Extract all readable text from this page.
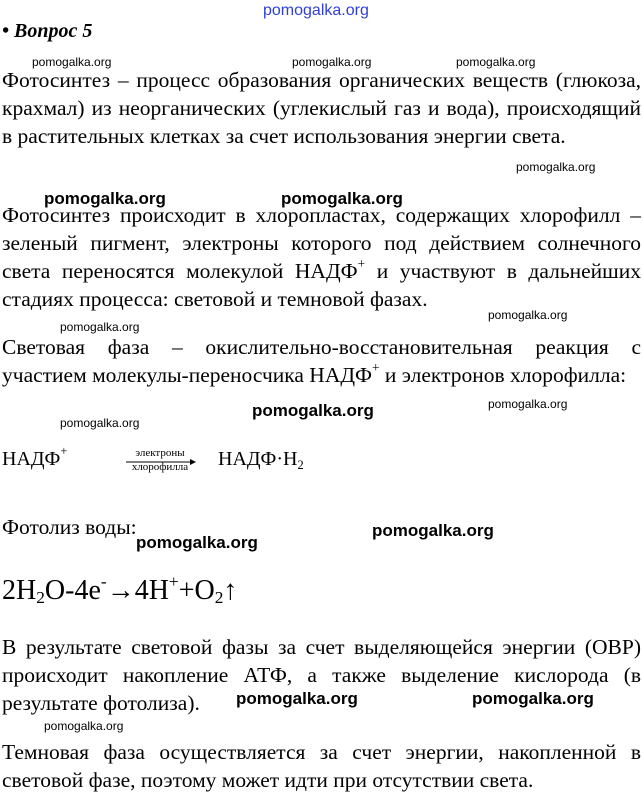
pomogalka.org
• Вопрос 5
pomogalka.org	pomogalka.org	pomogalka.org
Фотосинтез – процесс образования органических веществ (глюкоза, крахмал) из неорганических (углекислый газ и вода), происходящий в растительных клетках за счет использования энергии света.
pomogalka.org
pomogalka.org	pomogalka.org
Фотосинтез происходит в хлоропластах, содержащих хлорофилл – зеленый пигмент, электроны которого под действием солнечного света переносятся молекулой НАДФ+ и участвуют в дальнейших стадиях процесса: световой и темновой фазах.
pomogalka.org
pomogalka.org
Световая фаза – окислительно-восстановительная реакция с участием молекулы-переносчика НАДФ+ и электронов хлорофилла:
pomogalka.org
pomogalka.org
pomogalka.org
НАДФ+	электроны
хлорофилла	$НАДФ\cdot Н_2$
Фотолиз воды:	pomogalka.org
pomogalka.org
$2H_2O-4e^-\to 4H^++O_2↑$
В результате световой фазы за счет выделяющейся энергии (ОВР) происходит накопление АТФ, а также выделение кислорода (в результате фотолиза).	pomogalka.org	pomogalka.org
pomogalka.org
Темновая фаза осуществляется за счет энергии, накопленной в световой фазе, поэтому может идти при отсутствии света.
